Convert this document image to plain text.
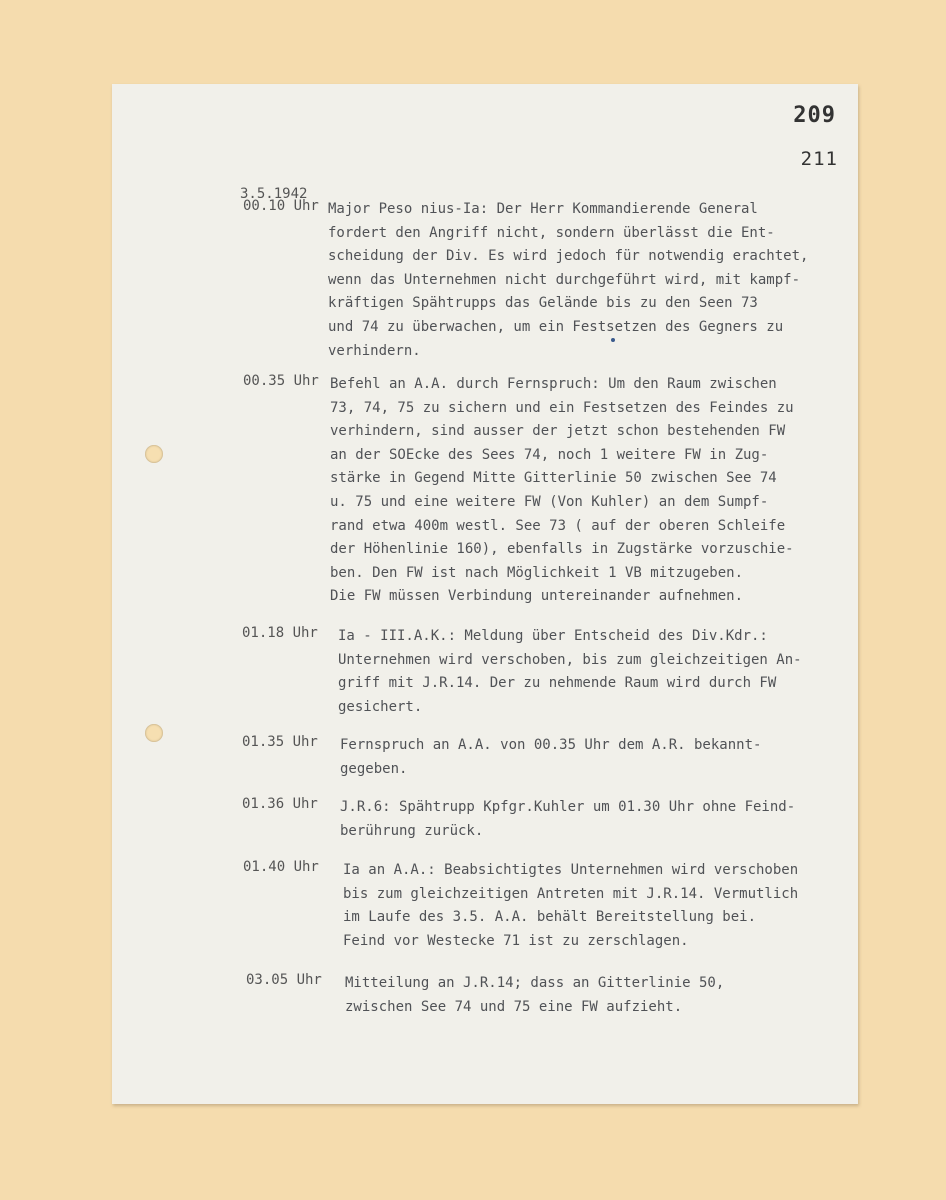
209
211
3.5.1942
00.10 Uhr Major Peso nius-Ia: Der Herr Kommandierende General
fordert den Angriff nicht, sondern überlässt die Ent-
scheidung der Div. Es wird jedoch für notwendig erachtet,
wenn das Unternehmen nicht durchgeführt wird, mit kampf-
kräftigen Spähtrupps das Gelände bis zu den Seen 73
und 74 zu überwachen, um ein Festsetzen des Gegners zu
verhindern.
00.35 Uhr Befehl an A.A. durch Fernspruch: Um den Raum zwischen
73, 74, 75 zu sichern und ein Festsetzen des Feindes zu
verhindern, sind ausser der jetzt schon bestehenden FW
an der SOEcke des Sees 74, noch 1 weitere FW in Zug-
stärke in Gegend Mitte Gitterlinie 50 zwischen See 74
u. 75 und eine weitere FW (Von Kuhler) an dem Sumpf-
rand etwa 400m westl. See 73 ( auf der oberen Schleife
der Höhenlinie 160), ebenfalls in Zugstärke vorzuschie-
ben. Den FW ist nach Möglichkeit 1 VB mitzugeben.
Die FW müssen Verbindung untereinander aufnehmen.
01.18 Uhr Ia - III.A.K.: Meldung über Entscheid des Div.Kdr.:
Unternehmen wird verschoben, bis zum gleichzeitigen An-
griff mit J.R.14. Der zu nehmende Raum wird durch FW
gesichert.
01.35 Uhr Fernspruch an A.A. von 00.35 Uhr dem A.R. bekannt-
gegeben.
01.36 Uhr J.R.6: Spähtrupp Kpfgr.Kuhler um 01.30 Uhr ohne Feind-
berührung zurück.
01.40 Uhr Ia an A.A.: Beabsichtigtes Unternehmen wird verschoben
bis zum gleichzeitigen Antreten mit J.R.14. Vermutlich
im Laufe des 3.5. A.A. behält Bereitstellung bei.
Feind vor Westecke 71 ist zu zerschlagen.
03.05 Uhr Mitteilung an J.R.14; dass an Gitterlinie 50,
zwischen See 74 und 75 eine FW aufzieht.
